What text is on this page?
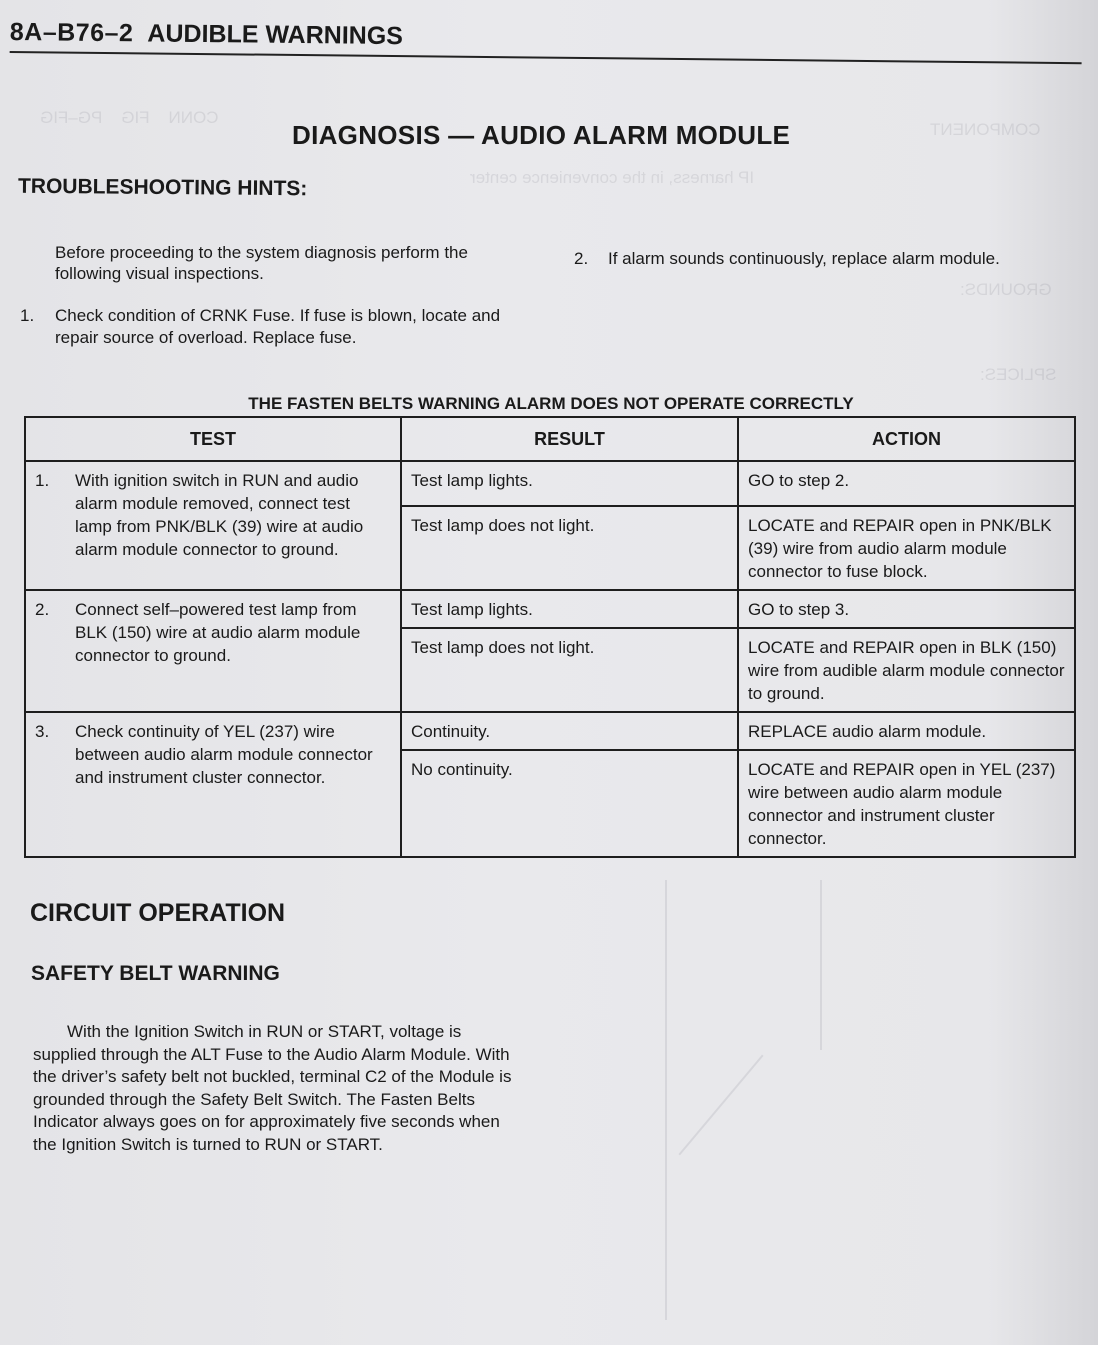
CONN    FIG    PG–FIG
COMPONENT
IP harness, in the convenience center
GROUNDS:
SPLICES:
8A–B76–2 AUDIBLE WARNINGS
DIAGNOSIS — AUDIO ALARM MODULE
TROUBLESHOOTING HINTS:
Before proceeding to the system diagnosis perform the following visual inspections.
1.	Check condition of CRNK Fuse. If fuse is blown, locate and repair source of overload. Replace fuse.
2.	If alarm sounds continuously, replace alarm module.
THE FASTEN BELTS WARNING ALARM DOES NOT OPERATE CORRECTLY
TEST	RESULT	ACTION

1. With ignition switch in RUN and audio alarm module removed, connect test lamp from PNK/BLK (39) wire at audio alarm module connector to ground.	Test lamp lights.	GO to step 2.
	Test lamp does not light.	LOCATE and REPAIR open in PNK/BLK (39) wire from audio alarm module connector to fuse block.

2. Connect self–powered test lamp from BLK (150) wire at audio alarm module connector to ground.	Test lamp lights.	GO to step 3.
	Test lamp does not light.	LOCATE and REPAIR open in BLK (150) wire from audible alarm module connector to ground.

3. Check continuity of YEL (237) wire between audio alarm module connector and instrument cluster connector.	Continuity.	REPLACE audio alarm module.
	No continuity.	LOCATE and REPAIR open in YEL (237) wire between audio alarm module connector and instrument cluster connector.
CIRCUIT OPERATION
SAFETY BELT WARNING
With the Ignition Switch in RUN or START, voltage is supplied through the ALT Fuse to the Audio Alarm Module. With the driver’s safety belt not buckled, terminal C2 of the Module is grounded through the Safety Belt Switch. The Fasten Belts Indicator always goes on for approximately five seconds when the Ignition Switch is turned to RUN or START.
